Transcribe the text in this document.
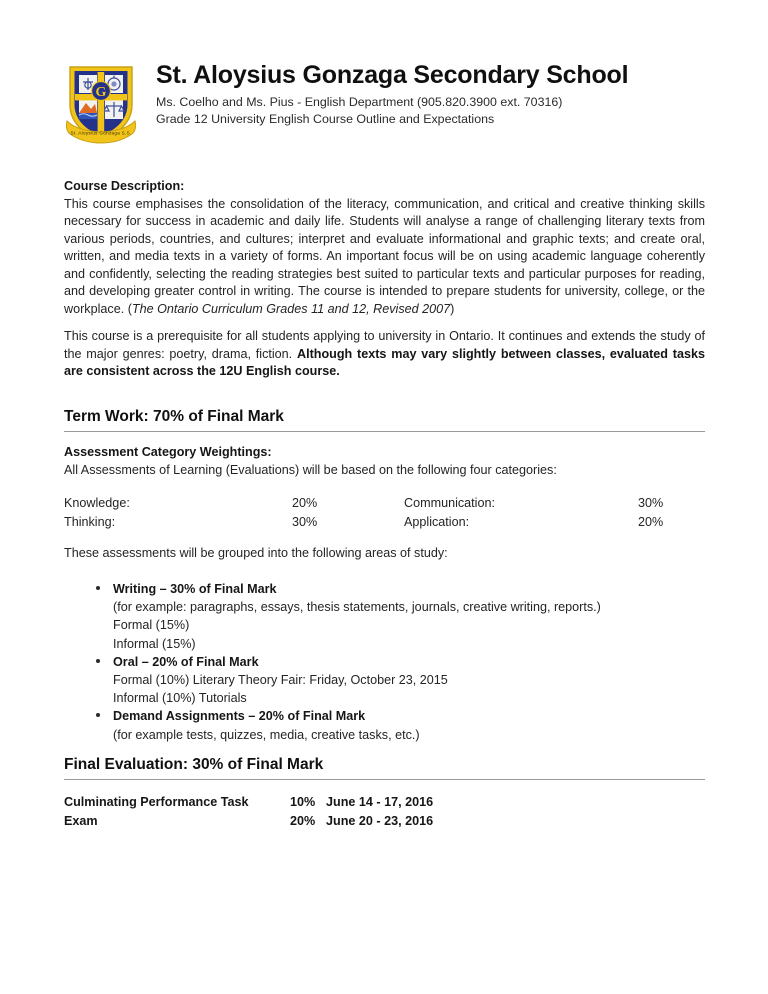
G
St. Aloysius Gonzaga S.S.
St. Aloysius Gonzaga Secondary School
Ms. Coelho and Ms. Pius - English Department (905.820.3900 ext. 70316)
Grade 12 University English Course Outline and Expectations
Course Description:
This course emphasises the consolidation of the literacy, communication, and critical and creative thinking skills necessary for success in academic and daily life. Students will analyse a range of challenging literary texts from various periods, countries, and cultures; interpret and evaluate informational and graphic texts; and create oral, written, and media texts in a variety of forms. An important focus will be on using academic language coherently and confidently, selecting the reading strategies best suited to particular texts and particular purposes for reading, and developing greater control in writing. The course is intended to prepare students for university, college, or the workplace. (The Ontario Curriculum Grades 11 and 12, Revised 2007)
This course is a prerequisite for all students applying to university in Ontario. It continues and extends the study of the major genres: poetry, drama, fiction. Although texts may vary slightly between classes, evaluated tasks are consistent across the 12U English course.
Term Work: 70% of Final Mark
Assessment Category Weightings:
All Assessments of Learning (Evaluations) will be based on the following four categories:
Knowledge:	20%	Communication:	30%
Thinking:	30%	Application:	20%
These assessments will be grouped into the following areas of study:
Writing – 30% of Final Mark
(for example: paragraphs, essays, thesis statements, journals, creative writing, reports.)
Formal (15%)
Informal (15%)
Oral – 20% of Final Mark
Formal (10%) Literary Theory Fair: Friday, October 23, 2015
Informal (10%) Tutorials
Demand Assignments – 20% of Final Mark
(for example tests, quizzes, media, creative tasks, etc.)
Final Evaluation: 30% of Final Mark
Culminating Performance Task	10%	June 14 - 17, 2016
Exam	20%	June 20 - 23, 2016
